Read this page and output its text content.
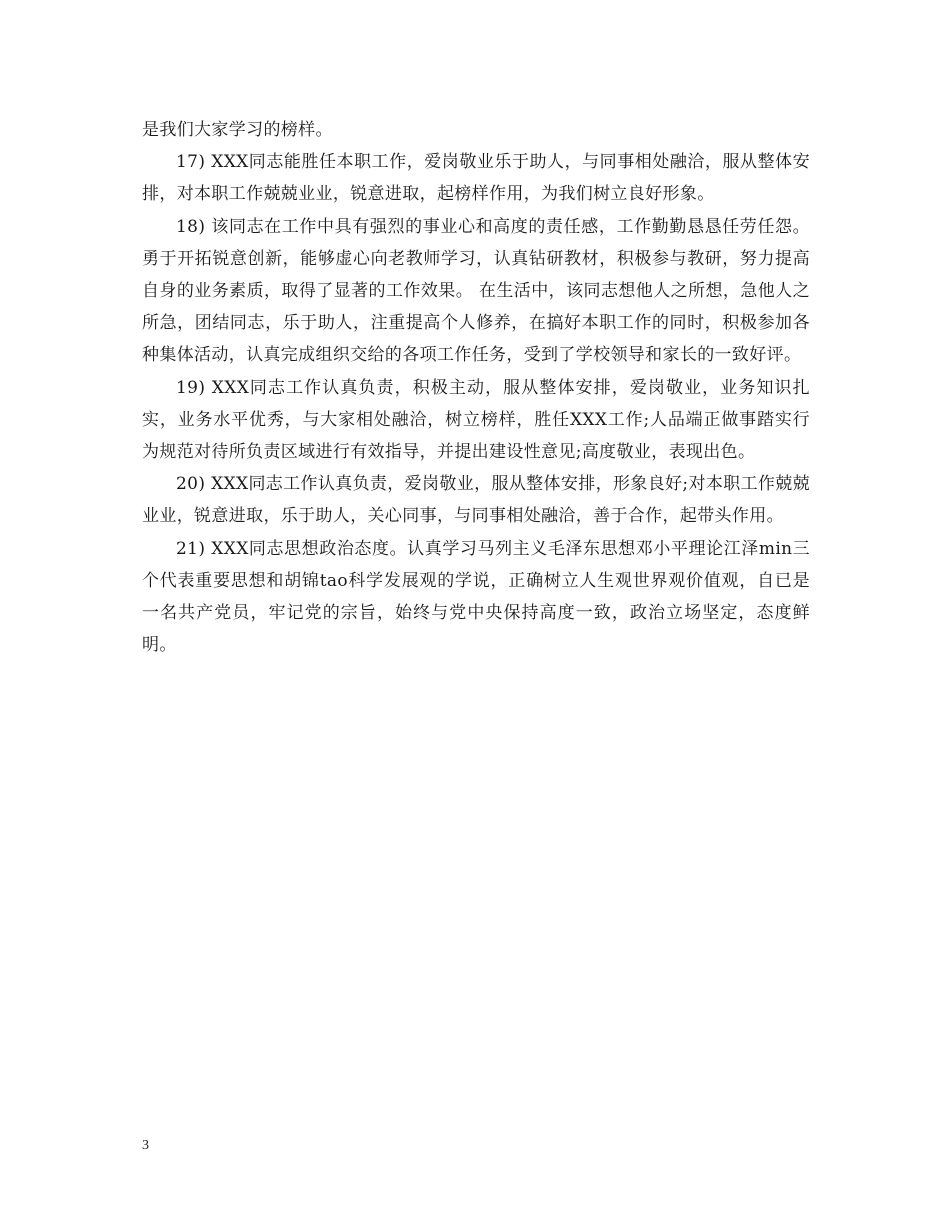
是我们大家学习的榜样。

17) XXX同志能胜任本职工作，爱岗敬业乐于助人，与同事相处融洽，服从整体安排，对本职工作兢兢业业，锐意进取，起榜样作用，为我们树立良好形象。

18) 该同志在工作中具有强烈的事业心和高度的责任感，工作勤勤恳恳任劳任怨。勇于开拓锐意创新，能够虚心向老教师学习，认真钻研教材，积极参与教研，努力提高自身的业务素质，取得了显著的工作效果。 在生活中，该同志想他人之所想，急他人之所急，团结同志，乐于助人，注重提高个人修养，在搞好本职工作的同时，积极参加各种集体活动，认真完成组织交给的各项工作任务，受到了学校领导和家长的一致好评。

19) XXX同志工作认真负责，积极主动，服从整体安排，爱岗敬业，业务知识扎实，业务水平优秀，与大家相处融洽，树立榜样，胜任XXX工作;人品端正做事踏实行为规范对待所负责区域进行有效指导，并提出建设性意见;高度敬业，表现出色。

20) XXX同志工作认真负责，爱岗敬业，服从整体安排，形象良好;对本职工作兢兢业业，锐意进取，乐于助人，关心同事，与同事相处融洽，善于合作，起带头作用。

21) XXX同志思想政治态度。认真学习马列主义毛泽东思想邓小平理论江泽min三个代表重要思想和胡锦tao科学发展观的学说，正确树立人生观世界观价值观，自已是一名共产党员，牢记党的宗旨，始终与党中央保持高度一致，政治立场坚定，态度鲜明。

3
